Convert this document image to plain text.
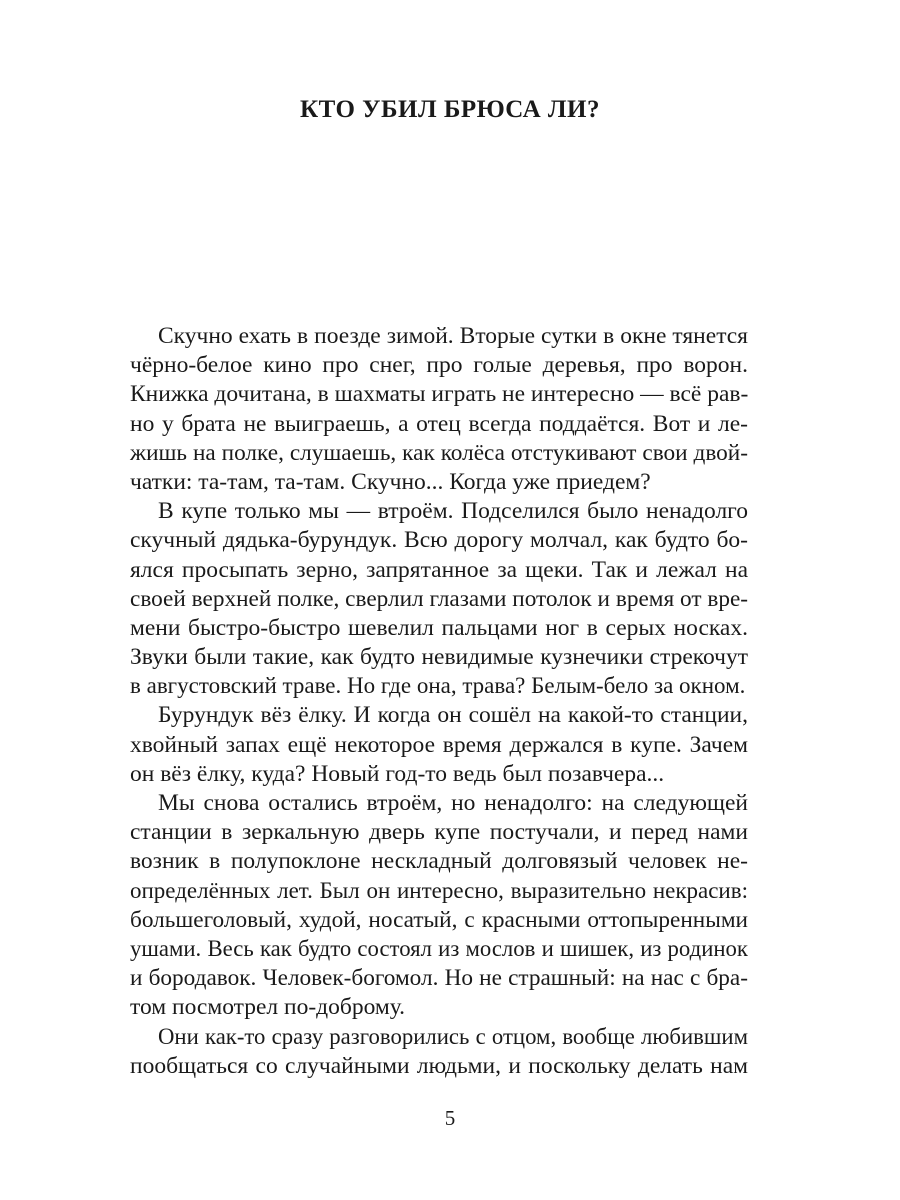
КТО УБИЛ БРЮСА ЛИ?
Скучно ехать в поезде зимой. Вторые сутки в окне тянется
чёрно-белое кино про снег, про голые деревья, про ворон.
Книжка дочитана, в шахматы играть не интересно — всё рав-
но у брата не выиграешь, а отец всегда поддаётся. Вот и ле-
жишь на полке, слушаешь, как колёса отстукивают свои двой-
чатки: та-там, та-там. Скучно... Когда уже приедем?
В купе только мы — втроём. Подселился было ненадолго
скучный дядька-бурундук. Всю дорогу молчал, как будто бо-
ялся просыпать зерно, запрятанное за щеки. Так и лежал на
своей верхней полке, сверлил глазами потолок и время от вре-
мени быстро-быстро шевелил пальцами ног в серых носках.
Звуки были такие, как будто невидимые кузнечики стрекочут
в августовский траве. Но где она, трава? Белым-бело за окном.
Бурундук вёз ёлку. И когда он сошёл на какой-то станции,
хвойный запах ещё некоторое время держался в купе. Зачем
он вёз ёлку, куда? Новый год-то ведь был позавчера...
Мы снова остались втроём, но ненадолго: на следующей
станции в зеркальную дверь купе постучали, и перед нами
возник в полупоклоне нескладный долговязый человек не-
определённых лет. Был он интересно, выразительно некрасив:
большеголовый, худой, носатый, с красными оттопыренными
ушами. Весь как будто состоял из мослов и шишек, из родинок
и бородавок. Человек-богомол. Но не страшный: на нас с бра-
том посмотрел по-доброму.
Они как-то сразу разговорились с отцом, вообще любившим
пообщаться со случайными людьми, и поскольку делать нам
5
